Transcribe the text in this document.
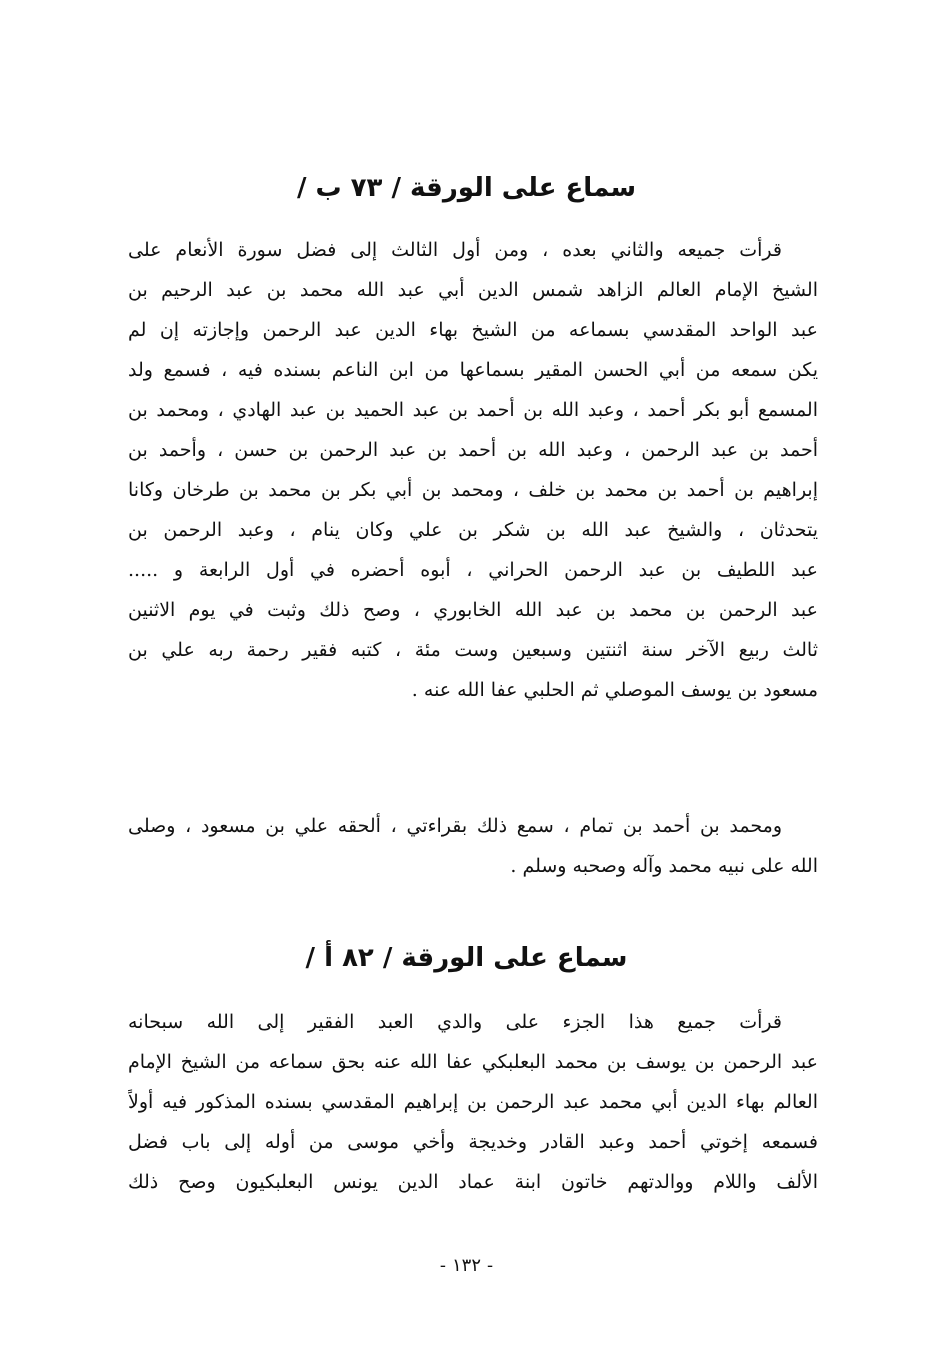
سماع على الورقة / ٧٣ ب /
قرأت جميعه والثاني بعده ، ومن أول الثالث إلى فضل سورة الأنعام على
الشيخ الإمام العالم الزاهد شمس الدين أبي عبد الله محمد بن عبد الرحيم بن
عبد الواحد المقدسي بسماعه من الشيخ بهاء الدين عبد الرحمن وإجازته إن لم
يكن سمعه من أبي الحسن المقير بسماعها من ابن الناعم بسنده فيه ، فسمع ولد
المسمع أبو بكر أحمد ، وعبد الله بن أحمد بن عبد الحميد بن عبد الهادي ، ومحمد بن
أحمد بن عبد الرحمن ، وعبد الله بن أحمد بن عبد الرحمن بن حسن ، وأحمد بن
إبراهيم بن أحمد بن محمد بن خلف ، ومحمد بن أبي بكر بن محمد بن طرخان وكانا
يتحدثان ، والشيخ عبد الله بن شكر بن علي وكان ينام ، وعبد الرحمن بن
عبد اللطيف بن عبد الرحمن الحراني ، أبوه أحضره في أول الرابعة و .....
عبد الرحمن بن محمد بن عبد الله الخابوري ، وصح ذلك وثبت في يوم الاثنين
ثالث ربيع الآخر سنة اثنتين وسبعين وست مئة ، كتبه فقير رحمة ربه علي بن
مسعود بن يوسف الموصلي ثم الحلبي عفا الله عنه .
ومحمد بن أحمد بن تمام ، سمع ذلك بقراءتي ، ألحقه علي بن مسعود ، وصلى
الله على نبيه محمد وآله وصحبه وسلم .
سماع على الورقة / ٨٢ أ /
قرأت جميع هذا الجزء على والدي العبد الفقير إلى الله سبحانه
عبد الرحمن بن يوسف بن محمد البعلبكي عفا الله عنه بحق سماعه من الشيخ الإمام
العالم بهاء الدين أبي محمد عبد الرحمن بن إبراهيم المقدسي بسنده المذكور فيه أولاً
فسمعه إخوتي أحمد وعبد القادر وخديجة وأخي موسى من أوله إلى باب فضل
الألف واللام ووالدتهم خاتون ابنة عماد الدين يونس البعلبكيون وصح ذلك
-١٣٢-
